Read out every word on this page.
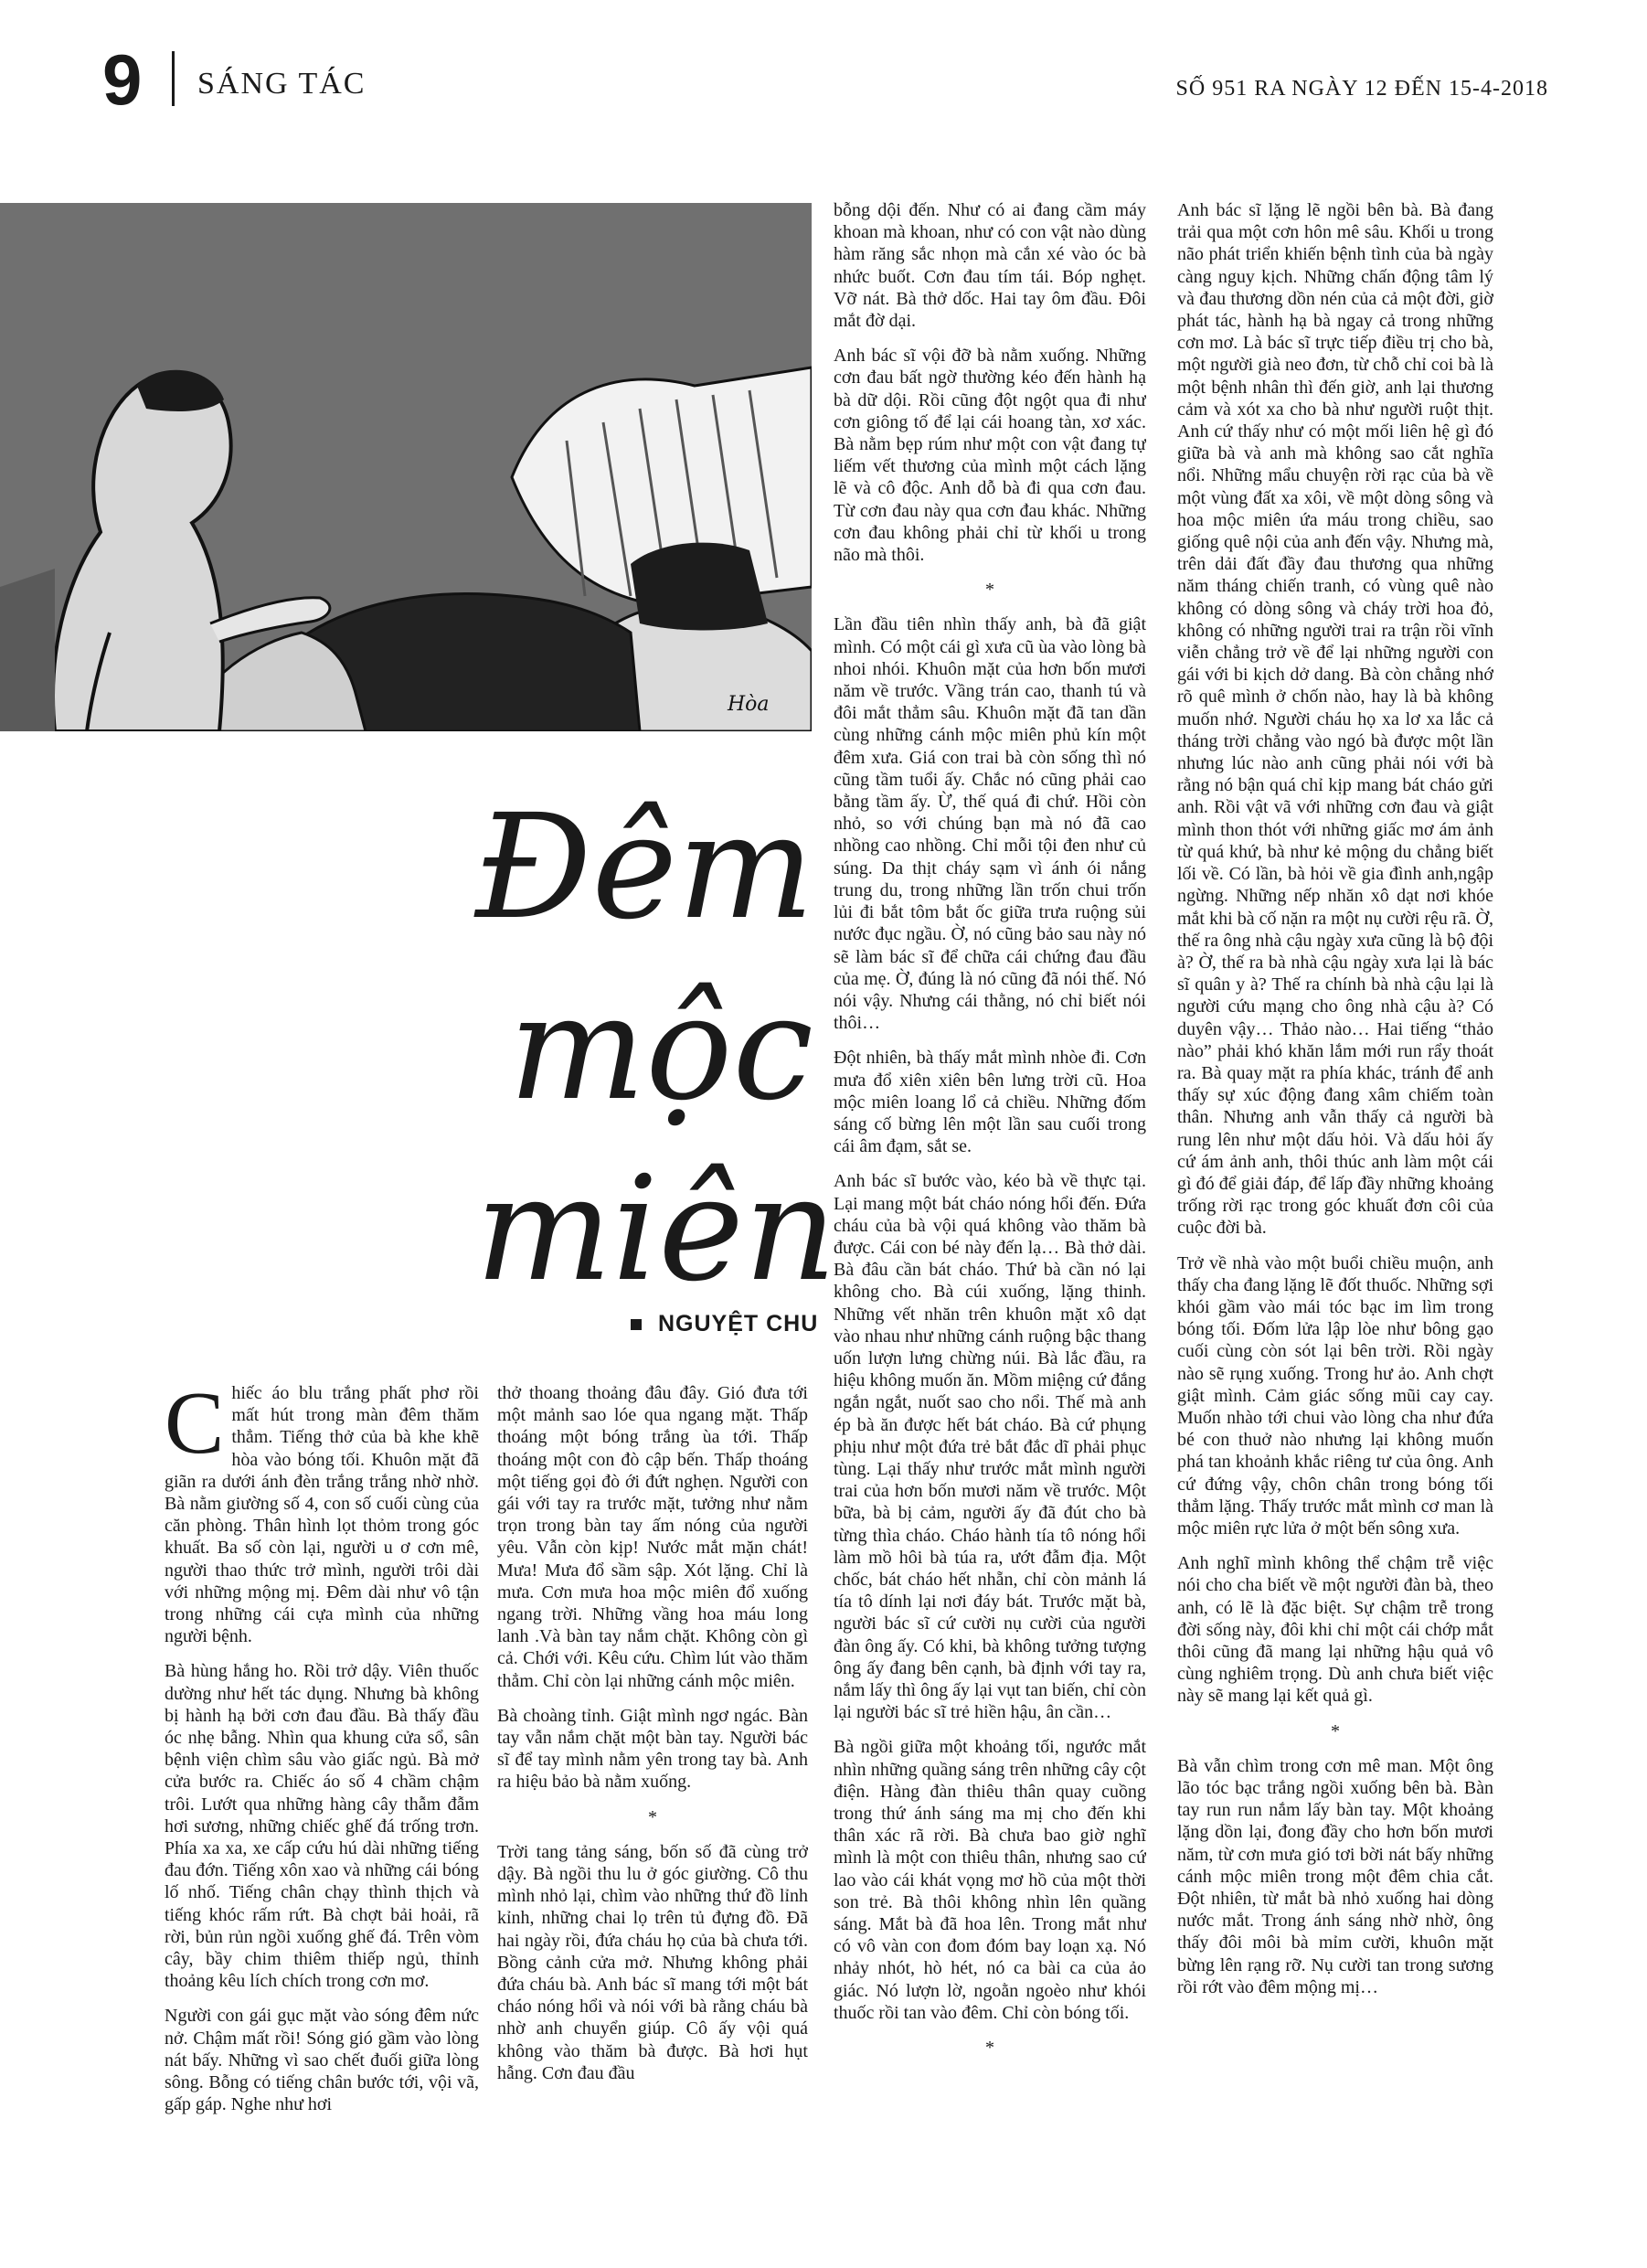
9 SÁNG TÁC	SỐ 951 RA NGÀY 12 ĐẾN 15-4-2018
Hòa
Đêm
mộc
miên
NGUYỆT CHU

Chiếc áo blu trắng phất phơ rồi mất hút trong màn đêm thăm thẳm. Tiếng thở của bà khe khẽ hòa vào bóng tối. Khuôn mặt đã giãn ra dưới ánh đèn trắng trắng nhờ nhờ. Bà nằm giường số 4, con số cuối cùng của căn phòng. Thân hình lọt thỏm trong góc khuất. Ba số còn lại, người u ơ cơn mê, người thao thức trở mình, người trôi dài với những mộng mị. Đêm dài như vô tận trong những cái cựa mình của những người bệnh.

Bà hùng hắng ho. Rồi trở dậy. Viên thuốc dường như hết tác dụng. Nhưng bà không bị hành hạ bởi cơn đau đầu. Bà thấy đầu óc nhẹ bẫng. Nhìn qua khung cửa sổ, sân bệnh viện chìm sâu vào giấc ngủ. Bà mở cửa bước ra. Chiếc áo số 4 chầm chậm trôi. Lướt qua những hàng cây thẫm đẫm hơi sương, những chiếc ghế đá trống trơn. Phía xa xa, xe cấp cứu hú dài những tiếng đau đớn. Tiếng xôn xao và những cái bóng lố nhố. Tiếng chân chạy thình thịch và tiếng khóc rấm rứt. Bà chợt bải hoải, rã rời, bủn rủn ngồi xuống ghế đá. Trên vòm cây, bầy chim thiêm thiếp ngủ, thỉnh thoảng kêu lích chích trong cơn mơ.

Người con gái gục mặt vào sóng đêm nức nở. Chậm mất rồi! Sóng gió gầm vào lòng nát bấy. Những vì sao chết đuối giữa lòng sông. Bỗng có tiếng chân bước tới, vội vã, gấp gáp. Nghe như hơi

thở thoang thoảng đâu đây. Gió đưa tới một mảnh sao lóe qua ngang mặt. Thấp thoáng một bóng trắng ùa tới. Thấp thoáng một con đò cập bến. Thấp thoáng một tiếng gọi đò ới đứt nghẹn. Người con gái với tay ra trước mặt, tưởng như nằm trọn trong bàn tay ấm nóng của người yêu. Vẫn còn kịp! Nước mắt mặn chát! Mưa! Mưa đổ sầm sập. Xót lặng. Chỉ là mưa. Cơn mưa hoa mộc miên đổ xuống ngang trời. Những vầng hoa máu long lanh .Và bàn tay nắm chặt. Không còn gì cả. Chới với. Kêu cứu. Chìm lút vào thăm thẳm. Chỉ còn lại những cánh mộc miên.

Bà choàng tỉnh. Giật mình ngơ ngác. Bàn tay vẫn nắm chặt một bàn tay. Người bác sĩ để tay mình nằm yên trong tay bà. Anh ra hiệu bảo bà nằm xuống.

*

Trời tang tảng sáng, bốn số đã cùng trở dậy. Bà ngồi thu lu ở góc giường. Cô thu mình nhỏ lại, chìm vào những thứ đồ lỉnh kỉnh, những chai lọ trên tủ đựng đồ. Đã hai ngày rồi, đứa cháu họ của bà chưa tới. Bồng cảnh cửa mở. Nhưng không phải đứa cháu bà. Anh bác sĩ mang tới một bát cháo nóng hổi và nói với bà rằng cháu bà nhờ anh chuyển giúp. Cô ấy vội quá không vào thăm bà được. Bà hơi hụt hẫng. Cơn đau đầu

bỗng dội đến. Như có ai đang cầm máy khoan mà khoan, như có con vật nào dùng hàm răng sắc nhọn mà cắn xé vào óc bà nhức buốt. Cơn đau tím tái. Bóp nghẹt. Vỡ nát. Bà thở dốc. Hai tay ôm đầu. Đôi mắt đờ dại.

Anh bác sĩ vội đỡ bà nằm xuống. Những cơn đau bất ngờ thường kéo đến hành hạ bà dữ dội. Rồi cũng đột ngột qua đi như cơn giông tố để lại cái hoang tàn, xơ xác. Bà nằm bẹp rúm như một con vật đang tự liếm vết thương của mình một cách lặng lẽ và cô độc. Anh dỗ bà đi qua cơn đau. Từ cơn đau này qua cơn đau khác. Những cơn đau không phải chỉ từ khối u trong não mà thôi.

*

Lần đầu tiên nhìn thấy anh, bà đã giật mình. Có một cái gì xưa cũ ùa vào lòng bà nhoi nhói. Khuôn mặt của hơn bốn mươi năm về trước. Vầng trán cao, thanh tú và đôi mắt thẳm sâu. Khuôn mặt đã tan dần cùng những cánh mộc miên phủ kín một đêm xưa. Giá con trai bà còn sống thì nó cũng tầm tuổi ấy. Chắc nó cũng phải cao bằng tầm ấy. Ừ, thế quá đi chứ. Hồi còn nhỏ, so với chúng bạn mà nó đã cao nhồng cao nhồng. Chỉ mỗi tội đen như củ súng. Da thịt cháy sạm vì ánh ói nắng trung du, trong những lần trốn chui trốn lủi đi bắt tôm bắt ốc giữa trưa ruộng sủi nước đục ngầu. Ờ, nó cũng bảo sau này nó sẽ làm bác sĩ để chữa cái chứng đau đầu của mẹ. Ờ, đúng là nó cũng đã nói thế. Nó nói vậy. Nhưng cái thằng, nó chỉ biết nói thôi…

Đột nhiên, bà thấy mắt mình nhòe đi. Cơn mưa đổ xiên xiên bên lưng trời cũ. Hoa mộc miên loang lổ cả chiều. Những đốm sáng cố bừng lên một lần sau cuối trong cái âm đạm, sắt se.

Anh bác sĩ bước vào, kéo bà về thực tại. Lại mang một bát cháo nóng hổi đến. Đứa cháu của bà vội quá không vào thăm bà được. Cái con bé này đến lạ… Bà thở dài. Bà đâu cần bát cháo. Thứ bà cần nó lại không cho. Bà cúi xuống, lặng thinh. Những vết nhăn trên khuôn mặt xô dạt vào nhau như những cánh ruộng bậc thang uốn lượn lưng chừng núi. Bà lắc đầu, ra hiệu không muốn ăn. Mồm miệng cứ đắng ngắn ngắt, nuốt sao cho nổi. Thế mà anh ép bà ăn được hết bát cháo. Bà cứ phụng phịu như một đứa trẻ bắt đắc dĩ phải phục tùng. Lại thấy như trước mắt mình người trai của hơn bốn mươi năm về trước. Một bữa, bà bị cảm, người ấy đã đút cho bà từng thìa cháo. Cháo hành tía tô nóng hổi làm mồ hôi bà túa ra, ướt đẫm địa. Một chốc, bát cháo hết nhẵn, chỉ còn mảnh lá tía tô dính lại nơi đáy bát. Trước mặt bà, người bác sĩ cứ cười nụ cười của người đàn ông ấy. Có khi, bà không tưởng tượng ông ấy đang bên cạnh, bà định với tay ra, nắm lấy thì ông ấy lại vụt tan biến, chỉ còn lại người bác sĩ trẻ hiền hậu, ân cần…

Bà ngồi giữa một khoảng tối, ngước mắt nhìn những quầng sáng trên những cây cột điện. Hàng đàn thiêu thân quay cuồng trong thứ ánh sáng ma mị cho đến khi thân xác rã rời. Bà chưa bao giờ nghĩ mình là một con thiêu thân, nhưng sao cứ lao vào cái khát vọng mơ hồ của một thời son trẻ. Bà thôi không nhìn lên quầng sáng. Mắt bà đã hoa lên. Trong mắt như có vô vàn con đom đóm bay loạn xạ. Nó nhảy nhót, hò hét, nó ca bài ca của ảo giác. Nó lượn lờ, ngoằn ngoèo như khói thuốc rồi tan vào đêm. Chỉ còn bóng tối.

*

Anh bác sĩ lặng lẽ ngồi bên bà. Bà đang trải qua một cơn hôn mê sâu. Khối u trong não phát triển khiến bệnh tình của bà ngày càng nguy kịch. Những chấn động tâm lý và đau thương dồn nén của cả một đời, giờ phát tác, hành hạ bà ngay cả trong những cơn mơ. Là bác sĩ trực tiếp điều trị cho bà, một người già neo đơn, từ chỗ chỉ coi bà là một bệnh nhân thì đến giờ, anh lại thương cảm và xót xa cho bà như người ruột thịt. Anh cứ thấy như có một mối liên hệ gì đó giữa bà và anh mà không sao cắt nghĩa nổi. Những mẩu chuyện rời rạc của bà về một vùng đất xa xôi, về một dòng sông và hoa mộc miên ứa máu trong chiều, sao giống quê nội của anh đến vậy. Nhưng mà, trên dải đất đầy đau thương qua những năm tháng chiến tranh, có vùng quê nào không có dòng sông và cháy trời hoa đỏ, không có những người trai ra trận rồi vĩnh viễn chẳng trở về để lại những người con gái với bi kịch dở dang. Bà còn chẳng nhớ rõ quê mình ở chốn nào, hay là bà không muốn nhớ. Người cháu họ xa lơ xa lắc cả tháng trời chẳng vào ngó bà được một lần nhưng lúc nào anh cũng phải nói với bà rằng nó bận quá chỉ kịp mang bát cháo gửi anh. Rồi vật vã với những cơn đau và giật mình thon thót với những giấc mơ ám ảnh từ quá khứ, bà như kẻ mộng du chẳng biết lối về. Có lần, bà hỏi về gia đình anh,ngập ngừng. Những nếp nhăn xô dạt nơi khóe mắt khi bà cố nặn ra một nụ cười rệu rã. Ờ, thế ra ông nhà cậu ngày xưa cũng là bộ đội à? Ờ, thế ra bà nhà cậu ngày xưa lại là bác sĩ quân y à? Thế ra chính bà nhà cậu lại là người cứu mạng cho ông nhà cậu à? Có duyên vậy… Thảo nào… Hai tiếng “thảo nào” phải khó khăn lắm mới run rẩy thoát ra. Bà quay mặt ra phía khác, tránh để anh thấy sự xúc động đang xâm chiếm toàn thân. Nhưng anh vẫn thấy cả người bà rung lên như một dấu hỏi. Và dấu hỏi ấy cứ ám ảnh anh, thôi thúc anh làm một cái gì đó để giải đáp, để lấp đầy những khoảng trống rời rạc trong góc khuất đơn côi của cuộc đời bà.

Trở về nhà vào một buổi chiều muộn, anh thấy cha đang lặng lẽ đốt thuốc. Những sợi khói gầm vào mái tóc bạc im lìm trong bóng tối. Đốm lửa lập lòe như bông gạo cuối cùng còn sót lại bên trời. Rồi ngày nào sẽ rụng xuống. Trong hư ảo. Anh chợt giật mình. Cảm giác sống mũi cay cay. Muốn nhào tới chui vào lòng cha như đứa bé con thuở nào nhưng lại không muốn phá tan khoảnh khắc riêng tư của ông. Anh cứ đứng vậy, chôn chân trong bóng tối thẳm lặng. Thấy trước mắt mình cơ man là mộc miên rực lửa ở một bến sông xưa.

Anh nghĩ mình không thể chậm trễ việc nói cho cha biết về một người đàn bà, theo anh, có lẽ là đặc biệt. Sự chậm trễ trong đời sống này, đôi khi chỉ một cái chớp mắt thôi cũng đã mang lại những hậu quả vô cùng nghiêm trọng. Dù anh chưa biết việc này sẽ mang lại kết quả gì.

*

Bà vẫn chìm trong cơn mê man. Một ông lão tóc bạc trắng ngồi xuống bên bà. Bàn tay run run nắm lấy bàn tay. Một khoảng lặng dồn lại, đong đầy cho hơn bốn mươi năm, từ cơn mưa gió tơi bời nát bấy những cánh mộc miên trong một đêm chia cắt. Đột nhiên, từ mắt bà nhỏ xuống hai dòng nước mắt. Trong ánh sáng nhờ nhờ, ông thấy đôi môi bà mỉm cười, khuôn mặt bừng lên rạng rỡ. Nụ cười tan trong sương rồi rớt vào đêm mộng mị…
